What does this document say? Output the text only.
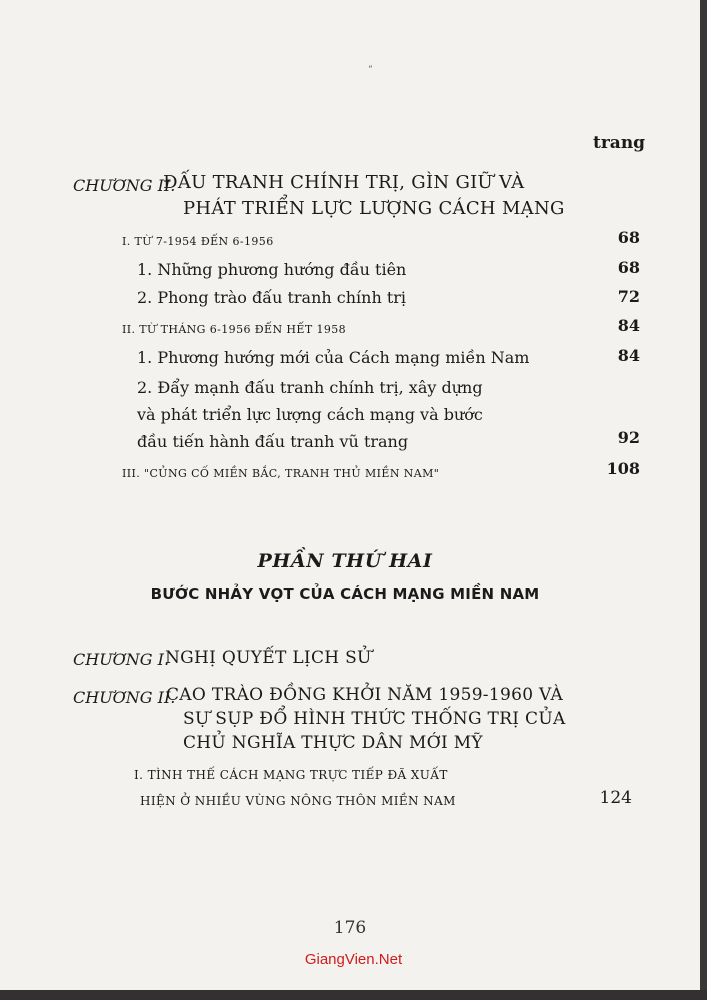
“
trang
CHƯƠNG II.
ĐẤU TRANH CHÍNH TRỊ, GÌN GIỮ VÀ
PHÁT TRIỂN LỰC LƯỢNG CÁCH MẠNG
I. TỪ 7-1954 ĐẾN 6-1956	68
1. Những phương hướng đầu tiên	68
2. Phong trào đấu tranh chính trị	72
II. TỪ THÁNG 6-1956 ĐẾN HẾT 1958	84
1. Phương hướng mới của Cách mạng miền Nam	84
2. Đẩy mạnh đấu tranh chính trị, xây dựng
và phát triển lực lượng cách mạng và bước
đầu tiến hành đấu tranh vũ trang	92
III. "CỦNG CỐ MIỀN BẮC, TRANH THỦ MIỀN NAM"	108
PHẦN THỨ HAI
BƯỚC NHẢY VỌT CỦA CÁCH MẠNG MIỀN NAM
CHƯƠNG I.
NGHỊ QUYẾT LỊCH SỬ
CHƯƠNG II.
CAO TRÀO ĐỒNG KHỞI NĂM 1959-1960 VÀ
SỰ SỤP ĐỔ HÌNH THỨC THỐNG TRỊ CỦA
CHỦ NGHĨA THỰC DÂN MỚI MỸ
I. TÌNH THẾ CÁCH MẠNG TRỰC TIẾP ĐÃ XUẤT
HIỆN Ở NHIỀU VÙNG NÔNG THÔN MIỀN NAM	124
176
GiangVien.Net
